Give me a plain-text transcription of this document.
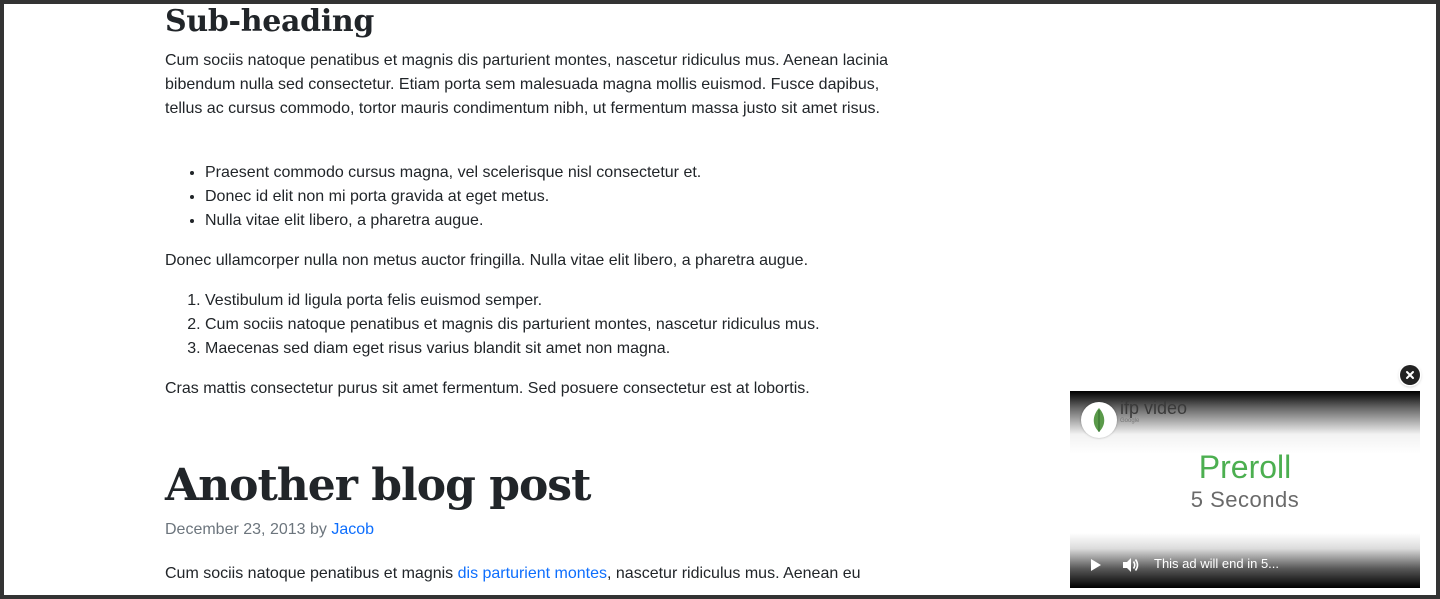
Sub-heading

Cum sociis natoque penatibus et magnis dis parturient montes, nascetur ridiculus mus. Aenean lacinia bibendum nulla sed consectetur. Etiam porta sem malesuada magna mollis euismod. Fusce dapibus, tellus ac cursus commodo, tortor mauris condimentum nibh, ut fermentum massa justo sit amet risus.

• Praesent commodo cursus magna, vel scelerisque nisl consectetur et.
• Donec id elit non mi porta gravida at eget metus.
• Nulla vitae elit libero, a pharetra augue.

Donec ullamcorper nulla non metus auctor fringilla. Nulla vitae elit libero, a pharetra augue.

1. Vestibulum id ligula porta felis euismod semper.
2. Cum sociis natoque penatibus et magnis dis parturient montes, nascetur ridiculus mus.
3. Maecenas sed diam eget risus varius blandit sit amet non magna.

Cras mattis consectetur purus sit amet fermentum. Sed posuere consectetur est at lobortis.

Another blog post
December 23, 2013 by Jacob

Cum sociis natoque penatibus et magnis dis parturient montes, nascetur ridiculus mus. Aenean eu

ifp video
Google
Preroll
5 Seconds
This ad will end in 5...
